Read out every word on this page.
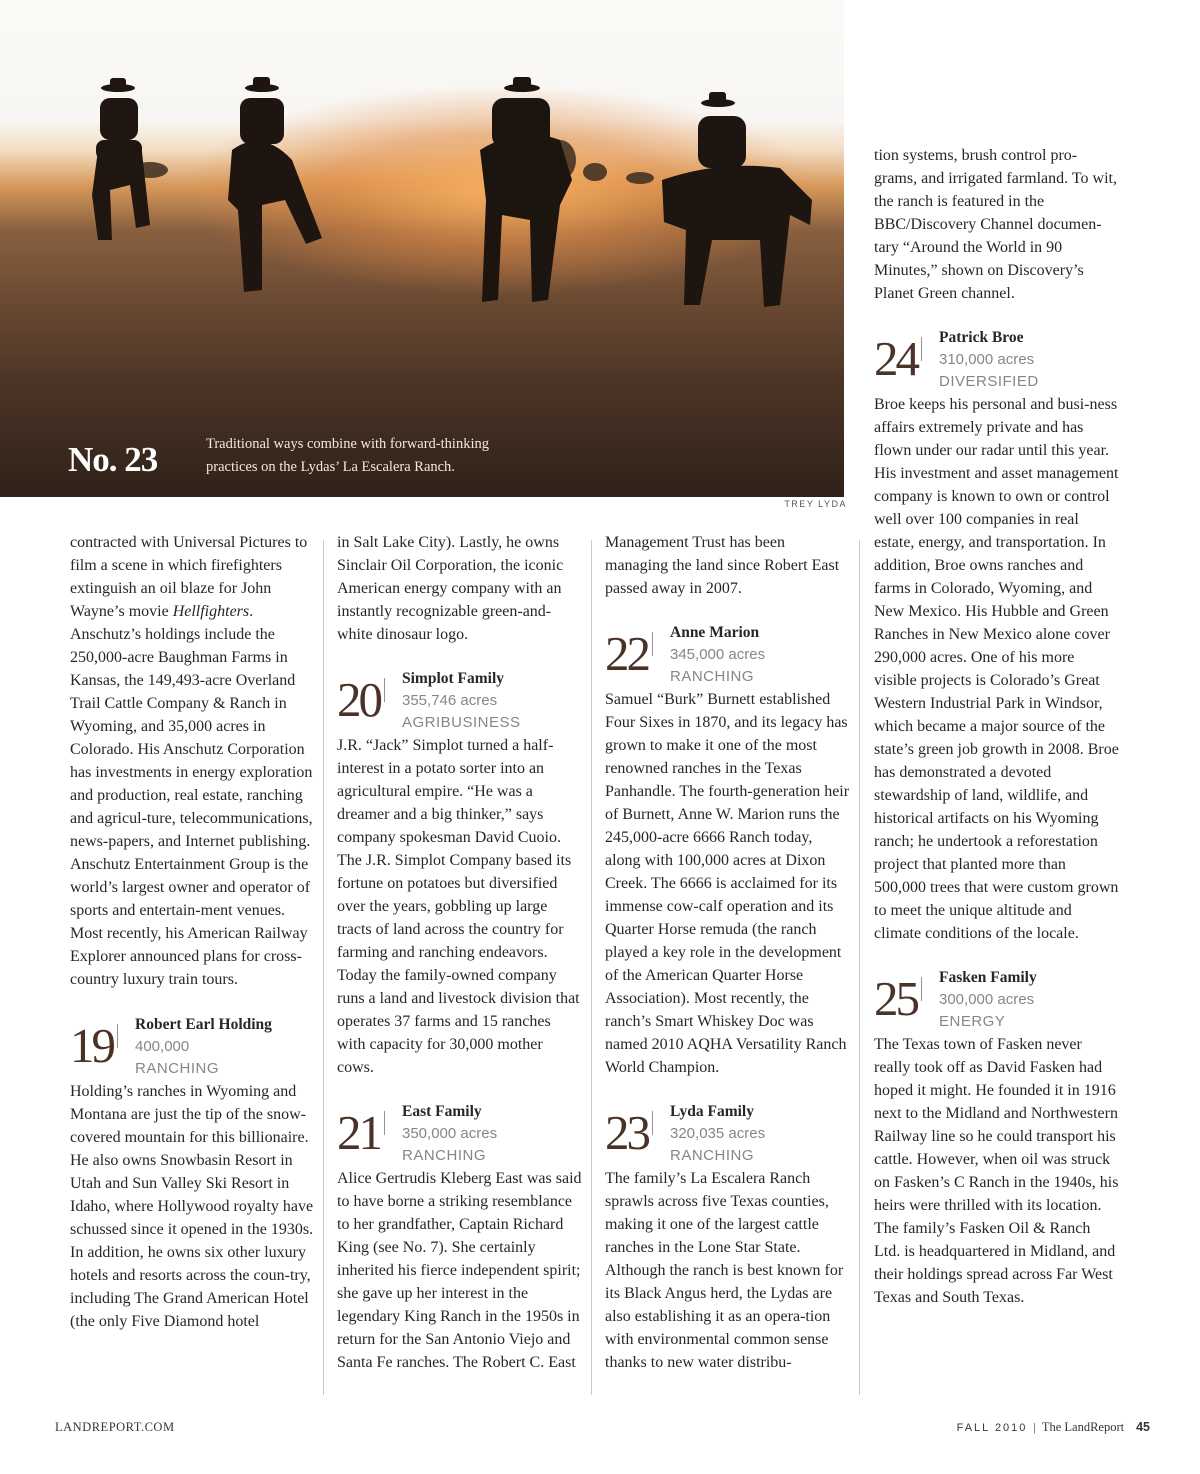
No. 23	Traditional ways combine with forward-thinking practices on the Lydas’ La Escalera Ranch.
TREY LYDA

contracted with Universal Pictures to film a scene in which firefighters extinguish an oil blaze for John Wayne’s movie Hellfighters. Anschutz’s holdings include the 250,000-acre Baughman Farms in Kansas, the 149,493-acre Overland Trail Cattle Company & Ranch in Wyoming, and 35,000 acres in Colorado. His Anschutz Corporation has investments in energy exploration and production, real estate, ranching and agricul-ture, telecommunications, news-papers, and Internet publishing. Anschutz Entertainment Group is the world’s largest owner and operator of sports and entertain-ment venues. Most recently, his American Railway Explorer announced plans for cross-country luxury train tours.

19 Robert Earl Holding
400,000
RANCHING

Holding’s ranches in Wyoming and Montana are just the tip of the snow-covered mountain for this billionaire. He also owns Snowbasin Resort in Utah and Sun Valley Ski Resort in Idaho, where Hollywood royalty have schussed since it opened in the 1930s. In addition, he owns six other luxury hotels and resorts across the coun-try, including The Grand American Hotel (the only Five Diamond hotel

in Salt Lake City). Lastly, he owns Sinclair Oil Corporation, the iconic American energy company with an instantly recognizable green-and-white dinosaur logo.

20 Simplot Family
355,746 acres
AGRIBUSINESS

J.R. “Jack” Simplot turned a half-interest in a potato sorter into an agricultural empire. “He was a dreamer and a big thinker,” says company spokesman David Cuoio. The J.R. Simplot Company based its fortune on potatoes but diversified over the years, gobbling up large tracts of land across the country for farming and ranching endeavors. Today the family-owned company runs a land and livestock division that operates 37 farms and 15 ranches with capacity for 30,000 mother cows.

21 East Family
350,000 acres
RANCHING

Alice Gertrudis Kleberg East was said to have borne a striking resemblance to her grandfather, Captain Richard King (see No. 7). She certainly inherited his fierce independent spirit; she gave up her interest in the legendary King Ranch in the 1950s in return for the San Antonio Viejo and Santa Fe ranches. The Robert C. East

Management Trust has been managing the land since Robert East passed away in 2007.

22 Anne Marion
345,000 acres
RANCHING

Samuel “Burk” Burnett established Four Sixes in 1870, and its legacy has grown to make it one of the most renowned ranches in the Texas Panhandle. The fourth-generation heir of Burnett, Anne W. Marion runs the 245,000-acre 6666 Ranch today, along with 100,000 acres at Dixon Creek. The 6666 is acclaimed for its immense cow-calf operation and its Quarter Horse remuda (the ranch played a key role in the development of the American Quarter Horse Association). Most recently, the ranch’s Smart Whiskey Doc was named 2010 AQHA Versatility Ranch World Champion.

23 Lyda Family
320,035 acres
RANCHING

The family’s La Escalera Ranch sprawls across five Texas counties, making it one of the largest cattle ranches in the Lone Star State. Although the ranch is best known for its Black Angus herd, the Lydas are also establishing it as an opera-tion with environmental common sense thanks to new water distribu-

tion systems, brush control pro-grams, and irrigated farmland. To wit, the ranch is featured in the BBC/Discovery Channel documen-tary “Around the World in 90 Minutes,” shown on Discovery’s Planet Green channel.

24 Patrick Broe
310,000 acres
DIVERSIFIED

Broe keeps his personal and busi-ness affairs extremely private and has flown under our radar until this year. His investment and asset management company is known to own or control well over 100 companies in real estate, energy, and transportation. In addition, Broe owns ranches and farms in Colorado, Wyoming, and New Mexico. His Hubble and Green Ranches in New Mexico alone cover 290,000 acres. One of his more visible projects is Colorado’s Great Western Industrial Park in Windsor, which became a major source of the state’s green job growth in 2008. Broe has demonstrated a devoted stewardship of land, wildlife, and historical artifacts on his Wyoming ranch; he undertook a reforestation project that planted more than 500,000 trees that were custom grown to meet the unique altitude and climate conditions of the locale.

25 Fasken Family
300,000 acres
ENERGY

The Texas town of Fasken never really took off as David Fasken had hoped it might. He founded it in 1916 next to the Midland and Northwestern Railway line so he could transport his cattle. However, when oil was struck on Fasken’s C Ranch in the 1940s, his heirs were thrilled with its location. The family’s Fasken Oil & Ranch Ltd. is headquartered in Midland, and their holdings spread across Far West Texas and South Texas.

LANDREPORT.COM	FALL 2010 | The LandReport 45
